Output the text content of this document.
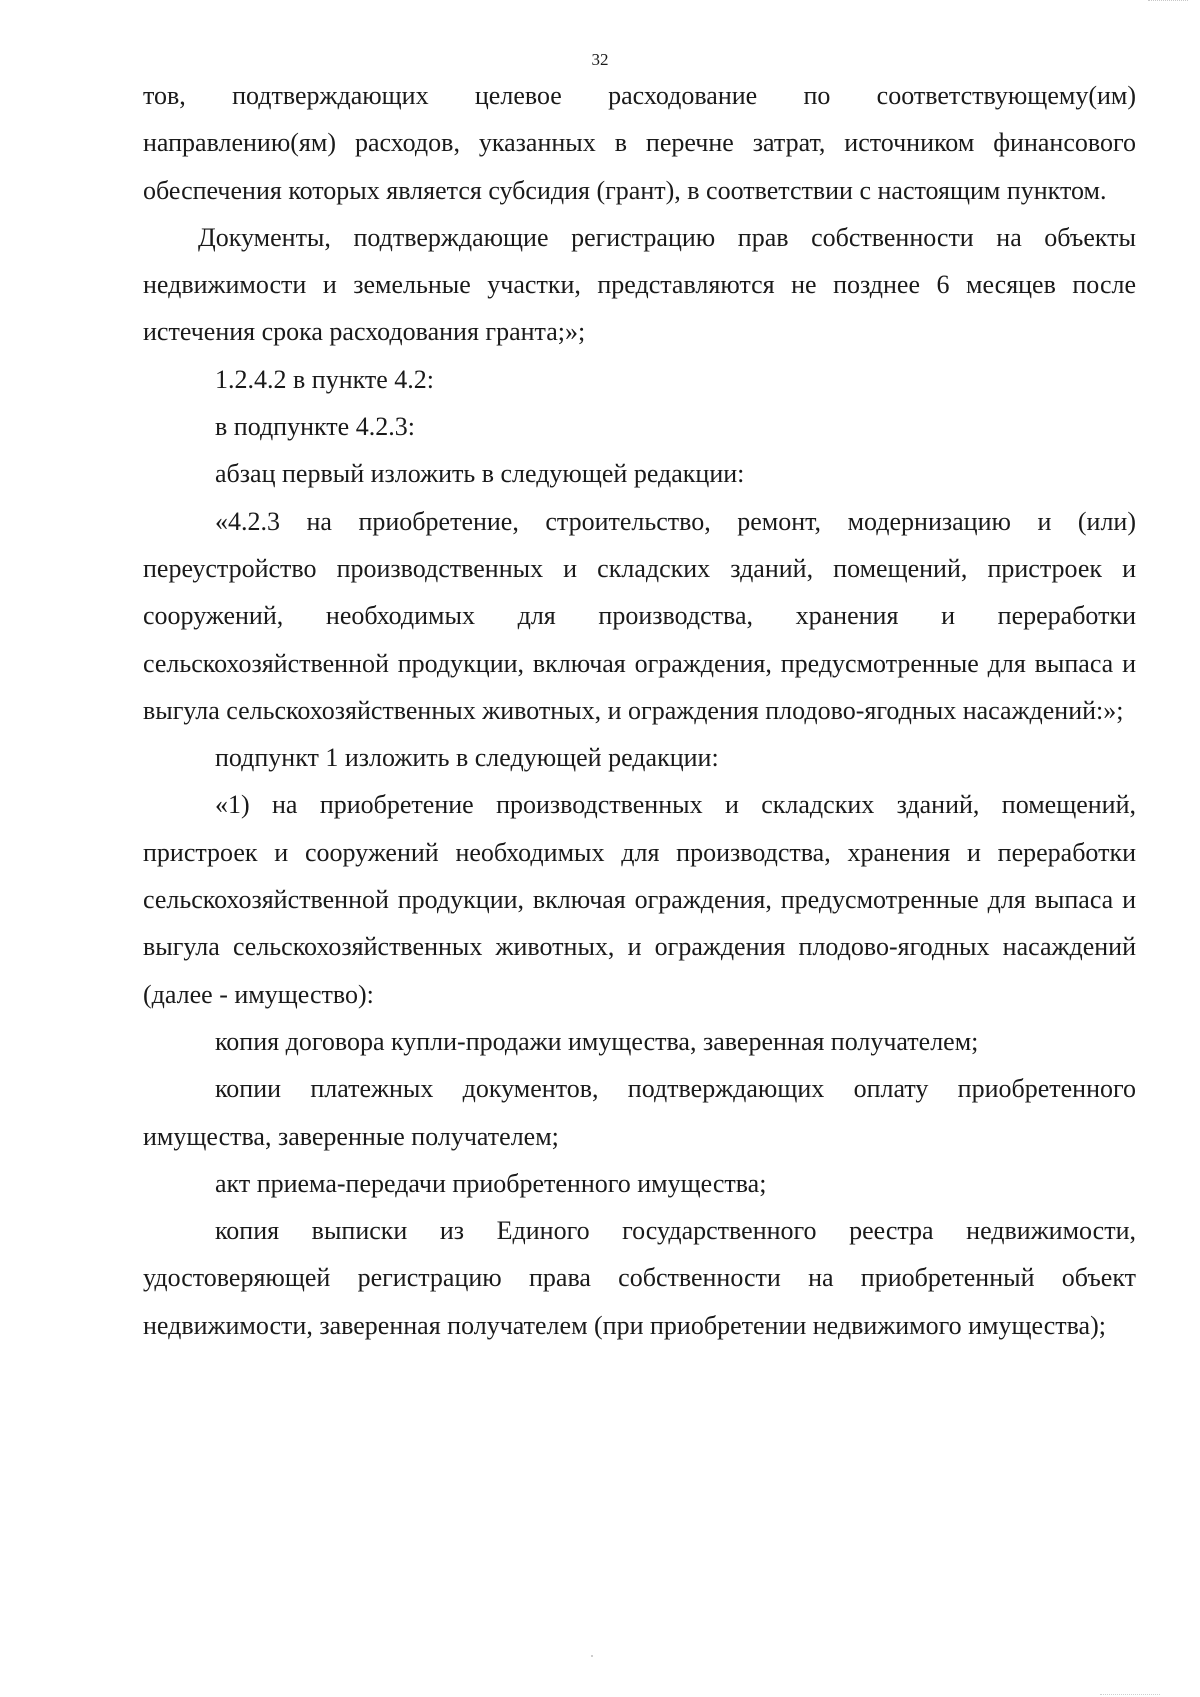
32

тов, подтверждающих целевое расходование по соответствующему(им) направлению(ям) расходов, указанных в перечне затрат, источником финансового обеспечения которых является субсидия (грант), в соответствии с настоящим пунктом.

Документы, подтверждающие регистрацию прав собственности на объекты недвижимости и земельные участки, представляются не позднее 6 месяцев после истечения срока расходования гранта;»;

1.2.4.2 в пункте 4.2:

в подпункте 4.2.3:

абзац первый изложить в следующей редакции:

«4.2.3 на приобретение, строительство, ремонт, модернизацию и (или) переустройство производственных и складских зданий, помещений, пристроек и сооружений, необходимых для производства, хранения и переработки сельскохозяйственной продукции, включая ограждения, предусмотренные для выпаса и выгула сельскохозяйственных животных, и ограждения плодово-ягодных насаждений:»;

подпункт 1 изложить в следующей редакции:

«1) на приобретение производственных и складских зданий, помещений, пристроек и сооружений необходимых для производства, хранения и переработки сельскохозяйственной продукции, включая ограждения, предусмотренные для выпаса и выгула сельскохозяйственных животных, и ограждения плодово-ягодных насаждений (далее - имущество):

копия договора купли-продажи имущества, заверенная получателем;

копии платежных документов, подтверждающих оплату приобретенного имущества, заверенные получателем;

акт приема-передачи приобретенного имущества;

копия выписки из Единого государственного реестра недвижимости, удостоверяющей регистрацию права собственности на приобретенный объект недвижимости, заверенная получателем (при приобретении недвижимого имущества);
